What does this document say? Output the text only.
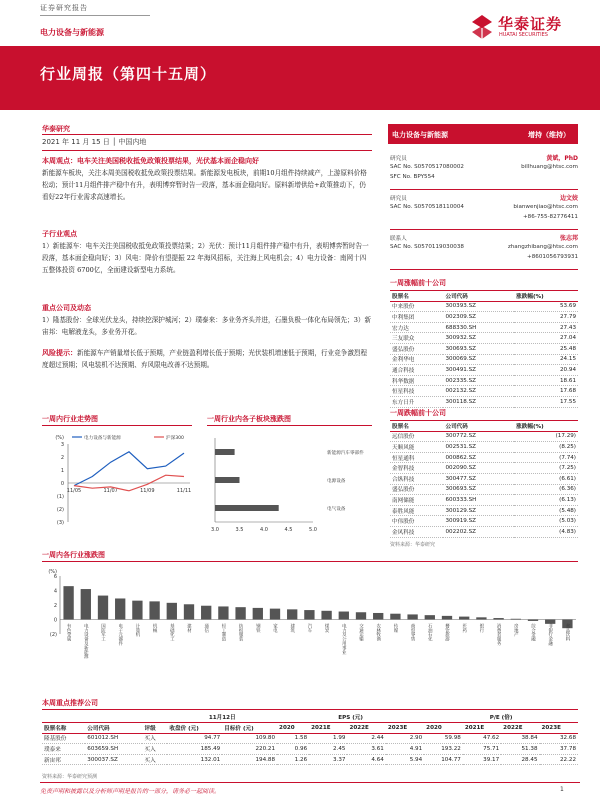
证券研究报告
电力设备与新能源	华泰证券
HUATAI SECURITIES
行业周报（第四十五周）
华泰研究
2021 年 11 月 15 日 │ 中国内地
本周观点：电车关注美国税收抵免政策投票结果，光伏基本面企稳向好
新能源车板块，关注本周美国税收抵免政策投票结果。新能源发电板块，前期10月组件持续减产，上游原料价格松动；预计11月组件排产稳中有升，表明博弈暂时告一段落，基本面企稳向好。原料新增供给+政策推动下，仍看好22年行业需求高速增长。
子行业观点
1）新能源车：电车关注美国税收抵免政策投票结果；2）光伏：预计11月组件排产稳中有升，表明博弈暂时告一段落，基本面企稳向好；3）风电：降价有望提振 22 年海风招标，关注海上风电机会；4）电力设备：南网十四五整体投资 6700亿，全面建设新型电力系统。
重点公司及动态
1）隆基股份：全球光伏龙头，持续挖深护城河；2）璞泰来：多业务齐头并进，石墨负极一体化布局领先；3）新宙邦：电解液龙头，多业务开花。
风险提示：新能源车产销量增长低于预期，产业链盈利增长低于预期；光伏装机增速低于预期，行业竞争激烈程度超过预期；风电装机不达预期、弃风限电改善不达预期。
电力设备与新能源	增持（维持）
研究员	黄斌，PhD
SAC No. S0570517080002	billhuang@htsc.com
SFC No. BPY554
研究员	边文姣
SAC No. S0570518110004	bianwenjiao@htsc.com
+86-755-82776411
联系人	张志邦
SAC No. S0570119030038	zhangzhibang@htsc.com
+8601056793931
一周涨幅前十公司
股票名	公司代码	涨跌幅(%)
中来股份	300393.SZ	53.69
中利集团	002309.SZ	27.79
宏力达	688330.SH	27.43
三友联众	300932.SZ	27.04
盛弘股份	300693.SZ	25.48
金利华电	300069.SZ	24.15
通合科技	300491.SZ	20.94
科华数据	002335.SZ	18.61
恒星科技	002132.SZ	17.68
东方日升	300118.SZ	17.55
一周跌幅前十公司
股票名	公司代码	涨跌幅(%)
远信股份	300772.SZ	(17.29)
天顺风能	002531.SZ	(8.25)
恒星通科	000862.SZ	(7.74)
金智科技	002090.SZ	(7.25)
合纵科技	300477.SZ	(6.61)
盛弘股份	300693.SZ	(6.36)
南网储能	600333.SH	(6.13)
泰胜风能	300129.SZ	(5.48)
中伟股份	300919.SZ	(5.03)
金风科技	002202.SZ	(4.83)
资料来源：华泰研究
一周内行业走势图
(%)
3
2
1
0
(1)
(2)
(3)
11/05	11/07	11/09	11/11
电力设备与新能源	沪深300
一周行业内各子板块涨跌图
3.0	3.5	4.0	4.5	5.0
新能源汽车零部件
电源设备
电气设备
一周内各行业涨跌图
(%)
6
4
2
0
(2) 有色金属	电力设备及新能源	国防军工	电子元器件	计算机	机械	基础化工	建材	通信	轻工制造	纺织服装	钢铁	家电	建筑	汽车	煤炭	电力及公用事业	交通运输	农林牧渔	传媒	商贸零售	石油石化	餐饮旅游	医药	银行	消费者服务	房地产	综合金融	非银行金融	食品饮料
本周重点推荐公司
			11月12日		EPS (元)				P/E (倍)			
股票名称	公司代码	评级	收盘价 (元)	目标价 (元)	2020	2021E	2022E	2023E	2020	2021E	2022E	2023E
隆基股份	601012.SH	买入	94.77	109.80	1.58	1.99	2.44	2.90	59.98	47.62	38.84	32.68
璞泰来	603659.SH	买入	185.49	220.21	0.96	2.45	3.61	4.91	193.22	75.71	51.38	37.78
新宙邦	300037.SZ	买入	132.01	194.88	1.26	3.37	4.64	5.94	104.77	39.17	28.45	22.22
资料来源：华泰研究预测
免责声明和披露以及分析师声明是报告的一部分，请务必一起阅读。	1
